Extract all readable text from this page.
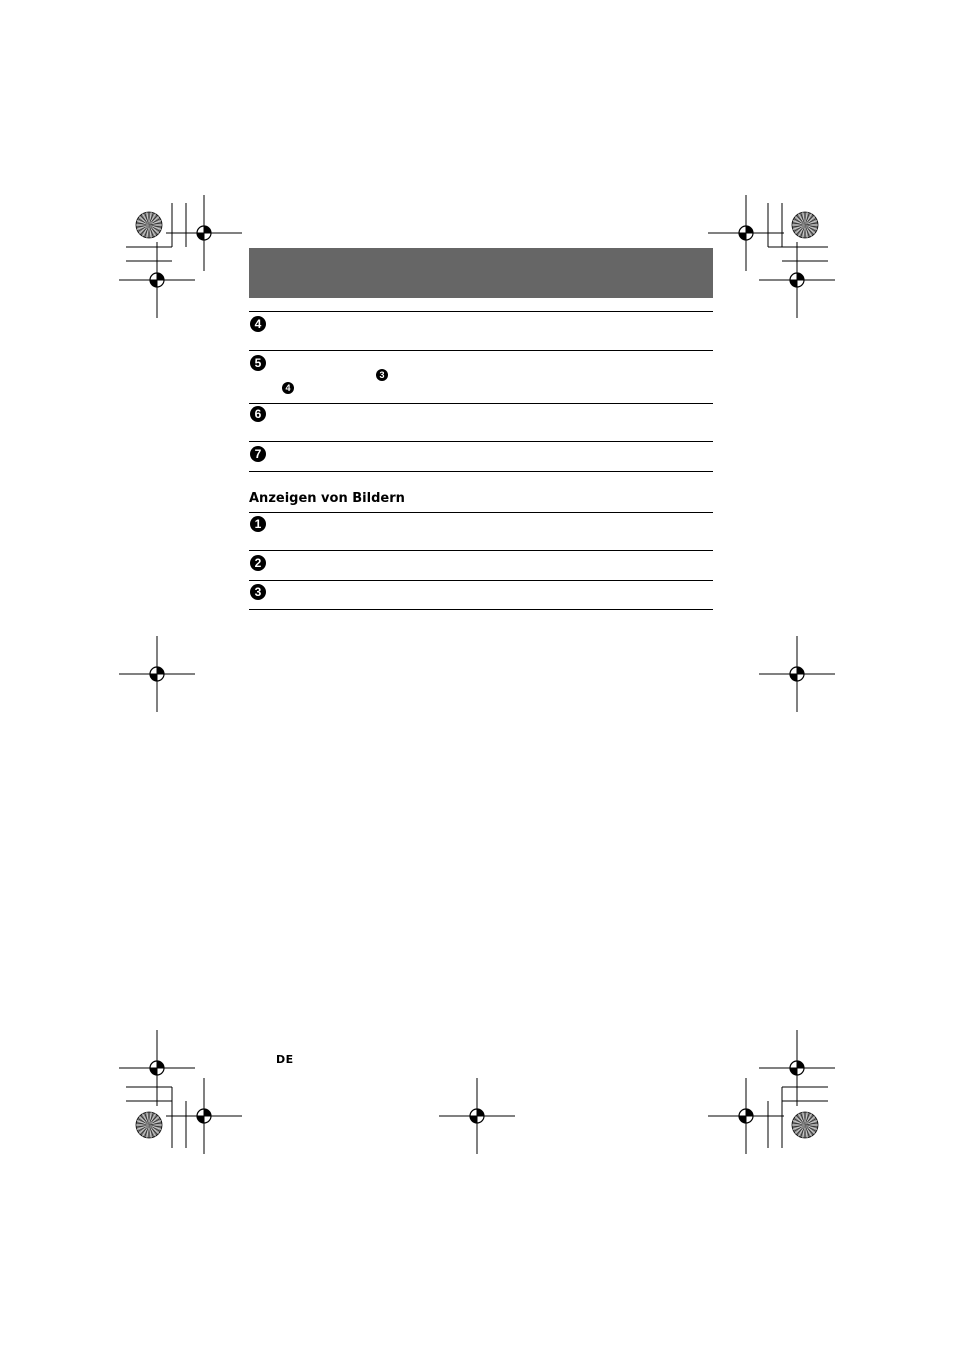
4
5
3
4
6
7
Anzeigen von Bildern
1
2
3
DE
